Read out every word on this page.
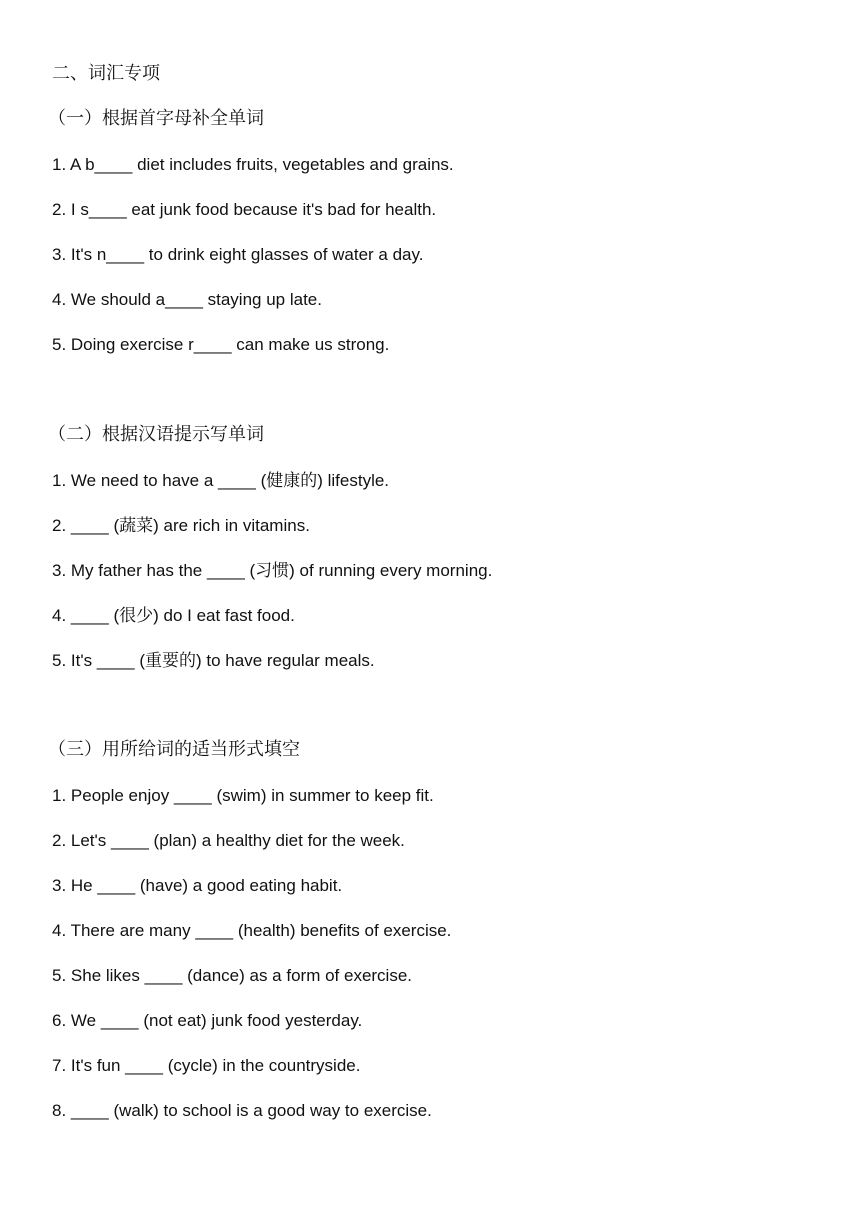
二、词汇专项
（一）根据首字母补全单词
1. A b____ diet includes fruits, vegetables and grains.
2. I s____ eat junk food because it's bad for health.
3. It's n____ to drink eight glasses of water a day.
4. We should a____ staying up late.
5. Doing exercise r____ can make us strong.
（二）根据汉语提示写单词
1. We need to have a ____ (健康的) lifestyle.
2. ____ (蔬菜) are rich in vitamins.
3. My father has the ____ (习惯) of running every morning.
4. ____ (很少) do I eat fast food.
5. It's ____ (重要的) to have regular meals.
（三）用所给词的适当形式填空
1. People enjoy ____ (swim) in summer to keep fit.
2. Let's ____ (plan) a healthy diet for the week.
3. He ____ (have) a good eating habit.
4. There are many ____ (health) benefits of exercise.
5. She likes ____ (dance) as a form of exercise.
6. We ____ (not eat) junk food yesterday.
7. It's fun ____ (cycle) in the countryside.
8. ____ (walk) to school is a good way to exercise.
